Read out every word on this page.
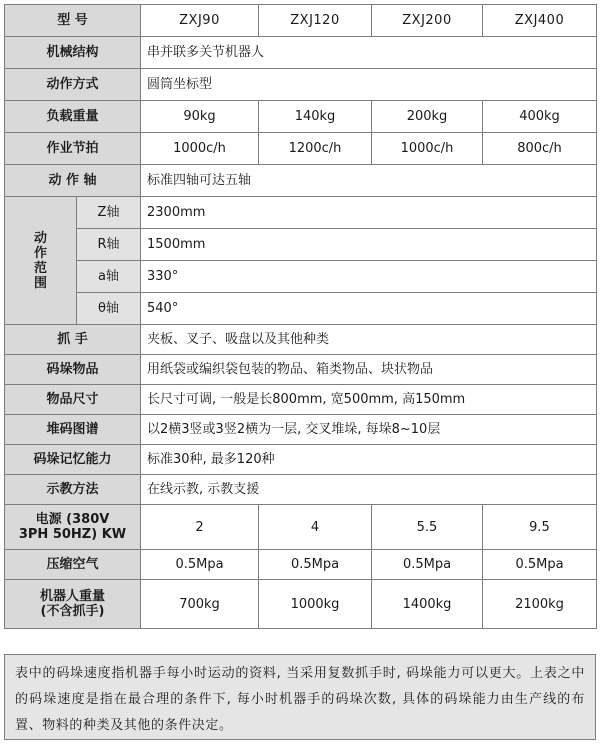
型 号		ZXJ90	ZXJ120	ZXJ200	ZXJ400
机械结构		串并联多关节机器人			
动作方式		圆筒坐标型			
负载重量		90kg	140kg	200kg	400kg
作业节拍		1000c/h	1200c/h	1000c/h	800c/h
动 作 轴		标准四轴可达五轴			

动
作
范
围	Z轴	2300mm			
	R轴	1500mm			
	a轴	330°			
	θ轴	540°			
抓 手		夹板、叉子、吸盘以及其他种类			
码垛物品		用纸袋或编织袋包装的物品、箱类物品、块状物品			
物品尺寸		长尺寸可调, 一般是长800mm, 宽500mm, 高150mm			
堆码图谱		以2横3竖或3竖2横为一层, 交叉堆垛, 每垛8~10层			
码垛记忆能力		标准30种, 最多120种			
示教方法		在线示教, 示教支援			

电源 (380V
3PH 50HZ) KW		2	4	5.5	9.5
压缩空气		0.5Mpa	0.5Mpa	0.5Mpa	0.5Mpa

机器人重量
(不含抓手)		700kg	1000kg	1400kg	2100kg
表中的码垛速度指机器手每小时运动的资料, 当采用复数抓手时, 码垛能力可以更大。上表之中的码垛速度是指在最合理的条件下, 每小时机器手的码垛次数, 具体的码垛能力由生产线的布置、物料的种类及其他的条件决定。
